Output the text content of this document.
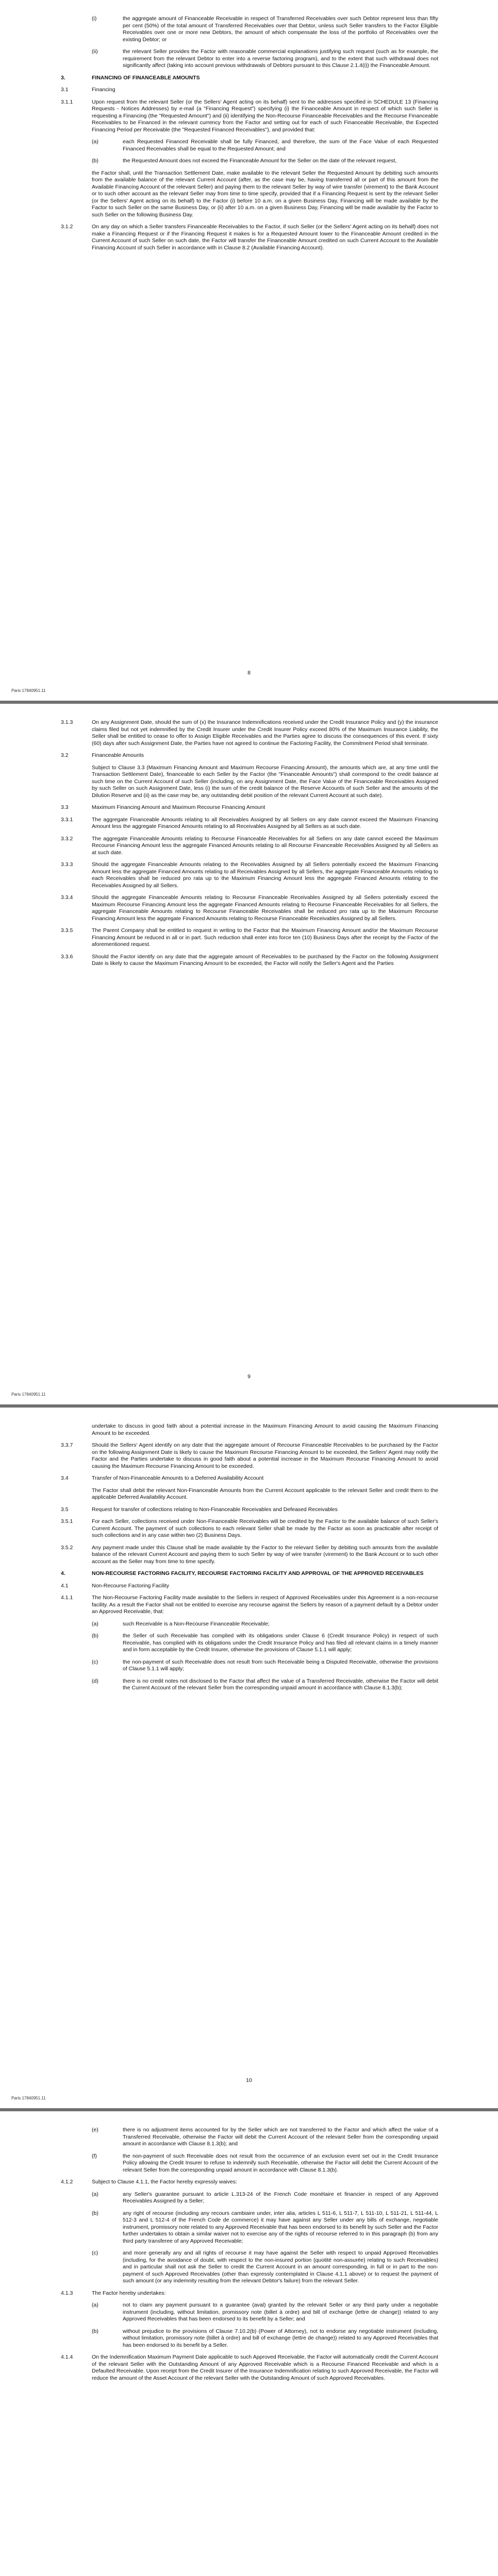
(i)	the aggregate amount of Financeable Receivable in respect of Transferred Receivables over such Debtor represent less than fifty per cent (50%) of the total amount of Transferred Receivables over that Debtor, unless such Seller transfers to the Factor Eligible Receivables over one or more new Debtors, the amount of which compensate the loss of the portfolio of Receivables over the existing Debtor; or
(ii)	the relevant Seller provides the Factor with reasonable commercial explanations justifying such request (such as for example, the requirement from the relevant Debtor to enter into a reverse factoring program), and to the extent that such withdrawal does not significantly affect (taking into account previous withdrawals of Debtors pursuant to this Clause 2.1.4(i)) the Financeable Amount.
3.	FINANCING OF FINANCEABLE AMOUNTS
3.1	Financing
3.1.1	Upon request from the relevant Seller (or the Sellers' Agent acting on its behalf) sent to the addresses specified in SCHEDULE 13 (Financing Requests - Notices Addresses) by e-mail (a "Financing Request") specifying (i) the Financeable Amount in respect of which such Seller is requesting a Financing (the "Requested Amount") and (ii) identifying the Non-Recourse Financeable Receivables and the Recourse Financeable Receivables to be Financed in the relevant currency from the Factor and setting out for each of such Financeable Receivable, the Expected Financing Period per Receivable (the "Requested Financed Receivables"), and provided that:
(a)	each Requested Financed Receivable shall be fully Financed, and therefore, the sum of the Face Value of each Requested Financed Receivables shall be equal to the Requested Amount; and
(b)	the Requested Amount does not exceed the Financeable Amount for the Seller on the date of the relevant request,
the Factor shall, until the Transaction Settlement Date, make available to the relevant Seller the Requested Amount by debiting such amounts from the available balance of the relevant Current Account (after, as the case may be, having transferred all or part of this amount from the Available Financing Account of the relevant Seller) and paying them to the relevant Seller by way of wire transfer (virement) to the Bank Account or to such other account as the relevant Seller may from time to time specify, provided that if a Financing Request is sent by the relevant Seller (or the Sellers' Agent acting on its behalf) to the Factor (i) before 10 a.m. on a given Business Day, Financing will be made available by the Factor to such Seller on the same Business Day, or (ii) after 10 a.m. on a given Business Day, Financing will be made available by the Factor to such Seller on the following Business Day.
3.1.2	On any day on which a Seller transfers Financeable Receivables to the Factor, if such Seller (or the Sellers' Agent acting on its behalf) does not make a Financing Request or if the Financing Request it makes is for a Requested Amount lower to the Financeable Amount credited in the Current Account of such Seller on such date, the Factor will transfer the Financeable Amount credited on such Current Account to the Available Financing Account of such Seller in accordance with in Clause 8.2 (Available Financing Account).
8
Paris 17840951.11
3.1.3	On any Assignment Date, should the sum of (x) the Insurance Indemnifications received under the Credit Insurance Policy and (y) the insurance claims filed but not yet indemnified by the Credit Insurer under the Credit Insurer Policy exceed 80% of the Maximum Insurance Liability, the Seller shall be entitled to cease to offer to Assign Eligible Receivables and the Parties agree to discuss the consequences of this event. If sixty (60) days after such Assignment Date, the Parties have not agreed to continue the Factoring Facility, the Commitment Period shall terminate.
3.2	Financeable Amounts
Subject to Clause 3.3 (Maximum Financing Amount and Maximum Recourse Financing Amount), the amounts which are, at any time until the Transaction Settlement Date), financeable to each Seller by the Factor (the "Financeable Amounts") shall correspond to the credit balance at such time on the Current Account of such Seller (including, on any Assignment Date, the Face Value of the Financeable Receivables Assigned by such Seller on such Assignment Date, less (i) the sum of the credit balance of the Reserve Accounts of such Seller and the amounts of the Dilution Reserve and (ii) as the case may be, any outstanding debit position of the relevant Current Account at such date).
3.3	Maximum Financing Amount and Maximum Recourse Financing Amount
3.3.1	The aggregate Financeable Amounts relating to all Receivables Assigned by all Sellers on any date cannot exceed the Maximum Financing Amount less the aggregate Financed Amounts relating to all Receivables Assigned by all Sellers as at such date.
3.3.2	The aggregate Financeable Amounts relating to Recourse Financeable Receivables for all Sellers on any date cannot exceed the Maximum Recourse Financing Amount less the aggregate Financed Amounts relating to all Recourse Financeable Receivables Assigned by all Sellers as at such date.
3.3.3	Should the aggregate Financeable Amounts relating to the Receivables Assigned by all Sellers potentially exceed the Maximum Financing Amount less the aggregate Financed Amounts relating to all Receivables Assigned by all Sellers, the aggregate Financeable Amounts relating to each Receivables shall be reduced pro rata up to the Maximum Financing Amount less the aggregate Financed Amounts relating to the Receivables Assigned by all Sellers.
3.3.4	Should the aggregate Financeable Amounts relating to Recourse Financeable Receivables Assigned by all Sellers potentially exceed the Maximum Recourse Financing Amount less the aggregate Financed Amounts relating to Recourse Financeable Receivables for all Sellers, the aggregate Financeable Amounts relating to Recourse Financeable Receivables shall be reduced pro rata up to the Maximum Recourse Financing Amount less the aggregate Financed Amounts relating to Recourse Financeable Receivables Assigned by all Sellers.
3.3.5	The Parent Company shall be entitled to request in writing to the Factor that the Maximum Financing Amount and/or the Maximum Recourse Financing Amount be reduced in all or in part. Such reduction shall enter into force ten (10) Business Days after the receipt by the Factor of the aforementioned request.
3.3.6	Should the Factor identify on any date that the aggregate amount of Receivables to be purchased by the Factor on the following Assignment Date is likely to cause the Maximum Financing Amount to be exceeded, the Factor will notify the Seller's Agent and the Parties
9
Paris 17840951.11
undertake to discuss in good faith about a potential increase in the Maximum Financing Amount to avoid causing the Maximum Financing Amount to be exceeded.
3.3.7	Should the Sellers' Agent identify on any date that the aggregate amount of Recourse Financeable Receivables to be purchased by the Factor on the following Assignment Date is likely to cause the Maximum Recourse Financing Amount to be exceeded, the Sellers' Agent may notify the Factor and the Parties undertake to discuss in good faith about a potential increase in the Maximum Recourse Financing Amount to avoid causing the Maximum Recourse Financing Amount to be exceeded.
3.4	Transfer of Non-Financeable Amounts to a Deferred Availability Account
The Factor shall debit the relevant Non-Financeable Amounts from the Current Account applicable to the relevant Seller and credit them to the applicable Deferred Availability Account.
3.5	Request for transfer of collections relating to Non-Financeable Receivables and Defeased Receivables
3.5.1	For each Seller, collections received under Non-Financeable Receivables will be credited by the Factor to the available balance of such Seller's Current Account. The payment of such collections to each relevant Seller shall be made by the Factor as soon as practicable after receipt of such collections and in any case within two (2) Business Days.
3.5.2	Any payment made under this Clause shall be made available by the Factor to the relevant Seller by debiting such amounts from the available balance of the relevant Current Account and paying them to such Seller by way of wire transfer (virement) to the Bank Account or to such other account as the Seller may from time to time specify.
4.	NON-RECOURSE FACTORING FACILITY, RECOURSE FACTORING FACILITY AND APPROVAL OF THE APPROVED RECEIVABLES
4.1	Non-Recourse Factoring Facility
4.1.1	The Non-Recourse Factoring Facility made available to the Sellers in respect of Approved Receivables under this Agreement is a non-recourse facility. As a result the Factor shall not be entitled to exercise any recourse against the Sellers by reason of a payment default by a Debtor under an Approved Receivable, that:
(a)	such Receivable is a Non-Recourse Financeable Receivable;
(b)	the Seller of such Receivable has complied with its obligations under Clause 6 (Credit Insurance Policy) in respect of such Receivable, has complied with its obligations under the Credit Insurance Policy and has filed all relevant claims in a timely manner and in form acceptable by the Credit Insurer, otherwise the provisions of Clause 5.1.1 will apply;
(c)	the non-payment of such Receivable does not result from such Receivable being a Disputed Receivable, otherwise the provisions of Clause 5.1.1 will apply;
(d)	there is no credit notes not disclosed to the Factor that affect the value of a Transferred Receivable, otherwise the Factor will debit the Current Account of the relevant Seller from the corresponding unpaid amount in accordance with Clause 8.1.3(b);
10
Paris 17840951.11
(e)	there is no adjustment items accounted for by the Seller which are not transferred to the Factor and which affect the value of a Transferred Receivable, otherwise the Factor will debit the Current Account of the relevant Seller from the corresponding unpaid amount in accordance with Clause 8.1.3(b); and
(f)	the non-payment of such Receivable does not result from the occurrence of an exclusion event set out in the Credit Insurance Policy allowing the Credit Insurer to refuse to indemnify such Receivable, otherwise the Factor will debit the Current Account of the relevant Seller from the corresponding unpaid amount in accordance with Clause 8.1.3(b).
4.1.2	Subject to Clause 4.1.1, the Factor hereby expressly waives:
(a)	any Seller's guarantee pursuant to article L.313-24 of the French Code monétaire et financier in respect of any Approved Receivables Assigned by a Seller;
(b)	any right of recourse (including any recours cambiaire under, inter alia, articles L 511-6, L 511-7, L 511-10, L 511-21, L 511-44, L 512-3 and L 512-4 of the French Code de commerce) it may have against any Seller under any bills of exchange, negotiable instrument, promissory note related to any Approved Receivable that has been endorsed to its benefit by such Seller and the Factor further undertakes to obtain a similar waiver not to exercise any of the rights of recourse referred to in this paragraph (b) from any third party transferee of any Approved Receivable;
(c)	and more generally any and all rights of recourse it may have against the Seller with respect to unpaid Approved Receivables (including, for the avoidance of doubt, with respect to the non-insured portion (quotité non-assurée) relating to such Receivables) and in particular shall not ask the Seller to credit the Current Account in an amount corresponding, in full or in part to the non-payment of such Approved Receivables (other than expressly contemplated in Clause 4.1.1 above) or to request the payment of such amount (or any indemnity resulting from the relevant Debtor's failure) from the relevant Seller.
4.1.3	The Factor hereby undertakes:
(a)	not to claim any payment pursuant to a guarantee (aval) granted by the relevant Seller or any third party under a negotiable instrument (including, without limitation, promissory note (billet à ordre) and bill of exchange (lettre de change)) related to any Approved Receivables that has been endorsed to its benefit by a Seller; and
(b)	without prejudice to the provisions of Clause 7.10.2(b) (Power of Attorney), not to endorse any negotiable instrument (including, without limitation, promissory note (billet à ordre) and bill of exchange (lettre de change)) related to any Approved Receivables that has been endorsed to its benefit by a Seller.
4.1.4	On the Indemnification Maximum Payment Date applicable to such Approved Receivable, the Factor will automatically credit the Current Account of the relevant Seller with the Outstanding Amount of any Approved Receivable which is a Recourse Financed Receivable and which is a Defaulted Receivable. Upon receipt from the Credit Insurer of the Insurance Indemnification relating to such Approved Receivable, the Factor will reduce the amount of the Asset Account of the relevant Seller with the Outstanding Amount of such Approved Receivables.
